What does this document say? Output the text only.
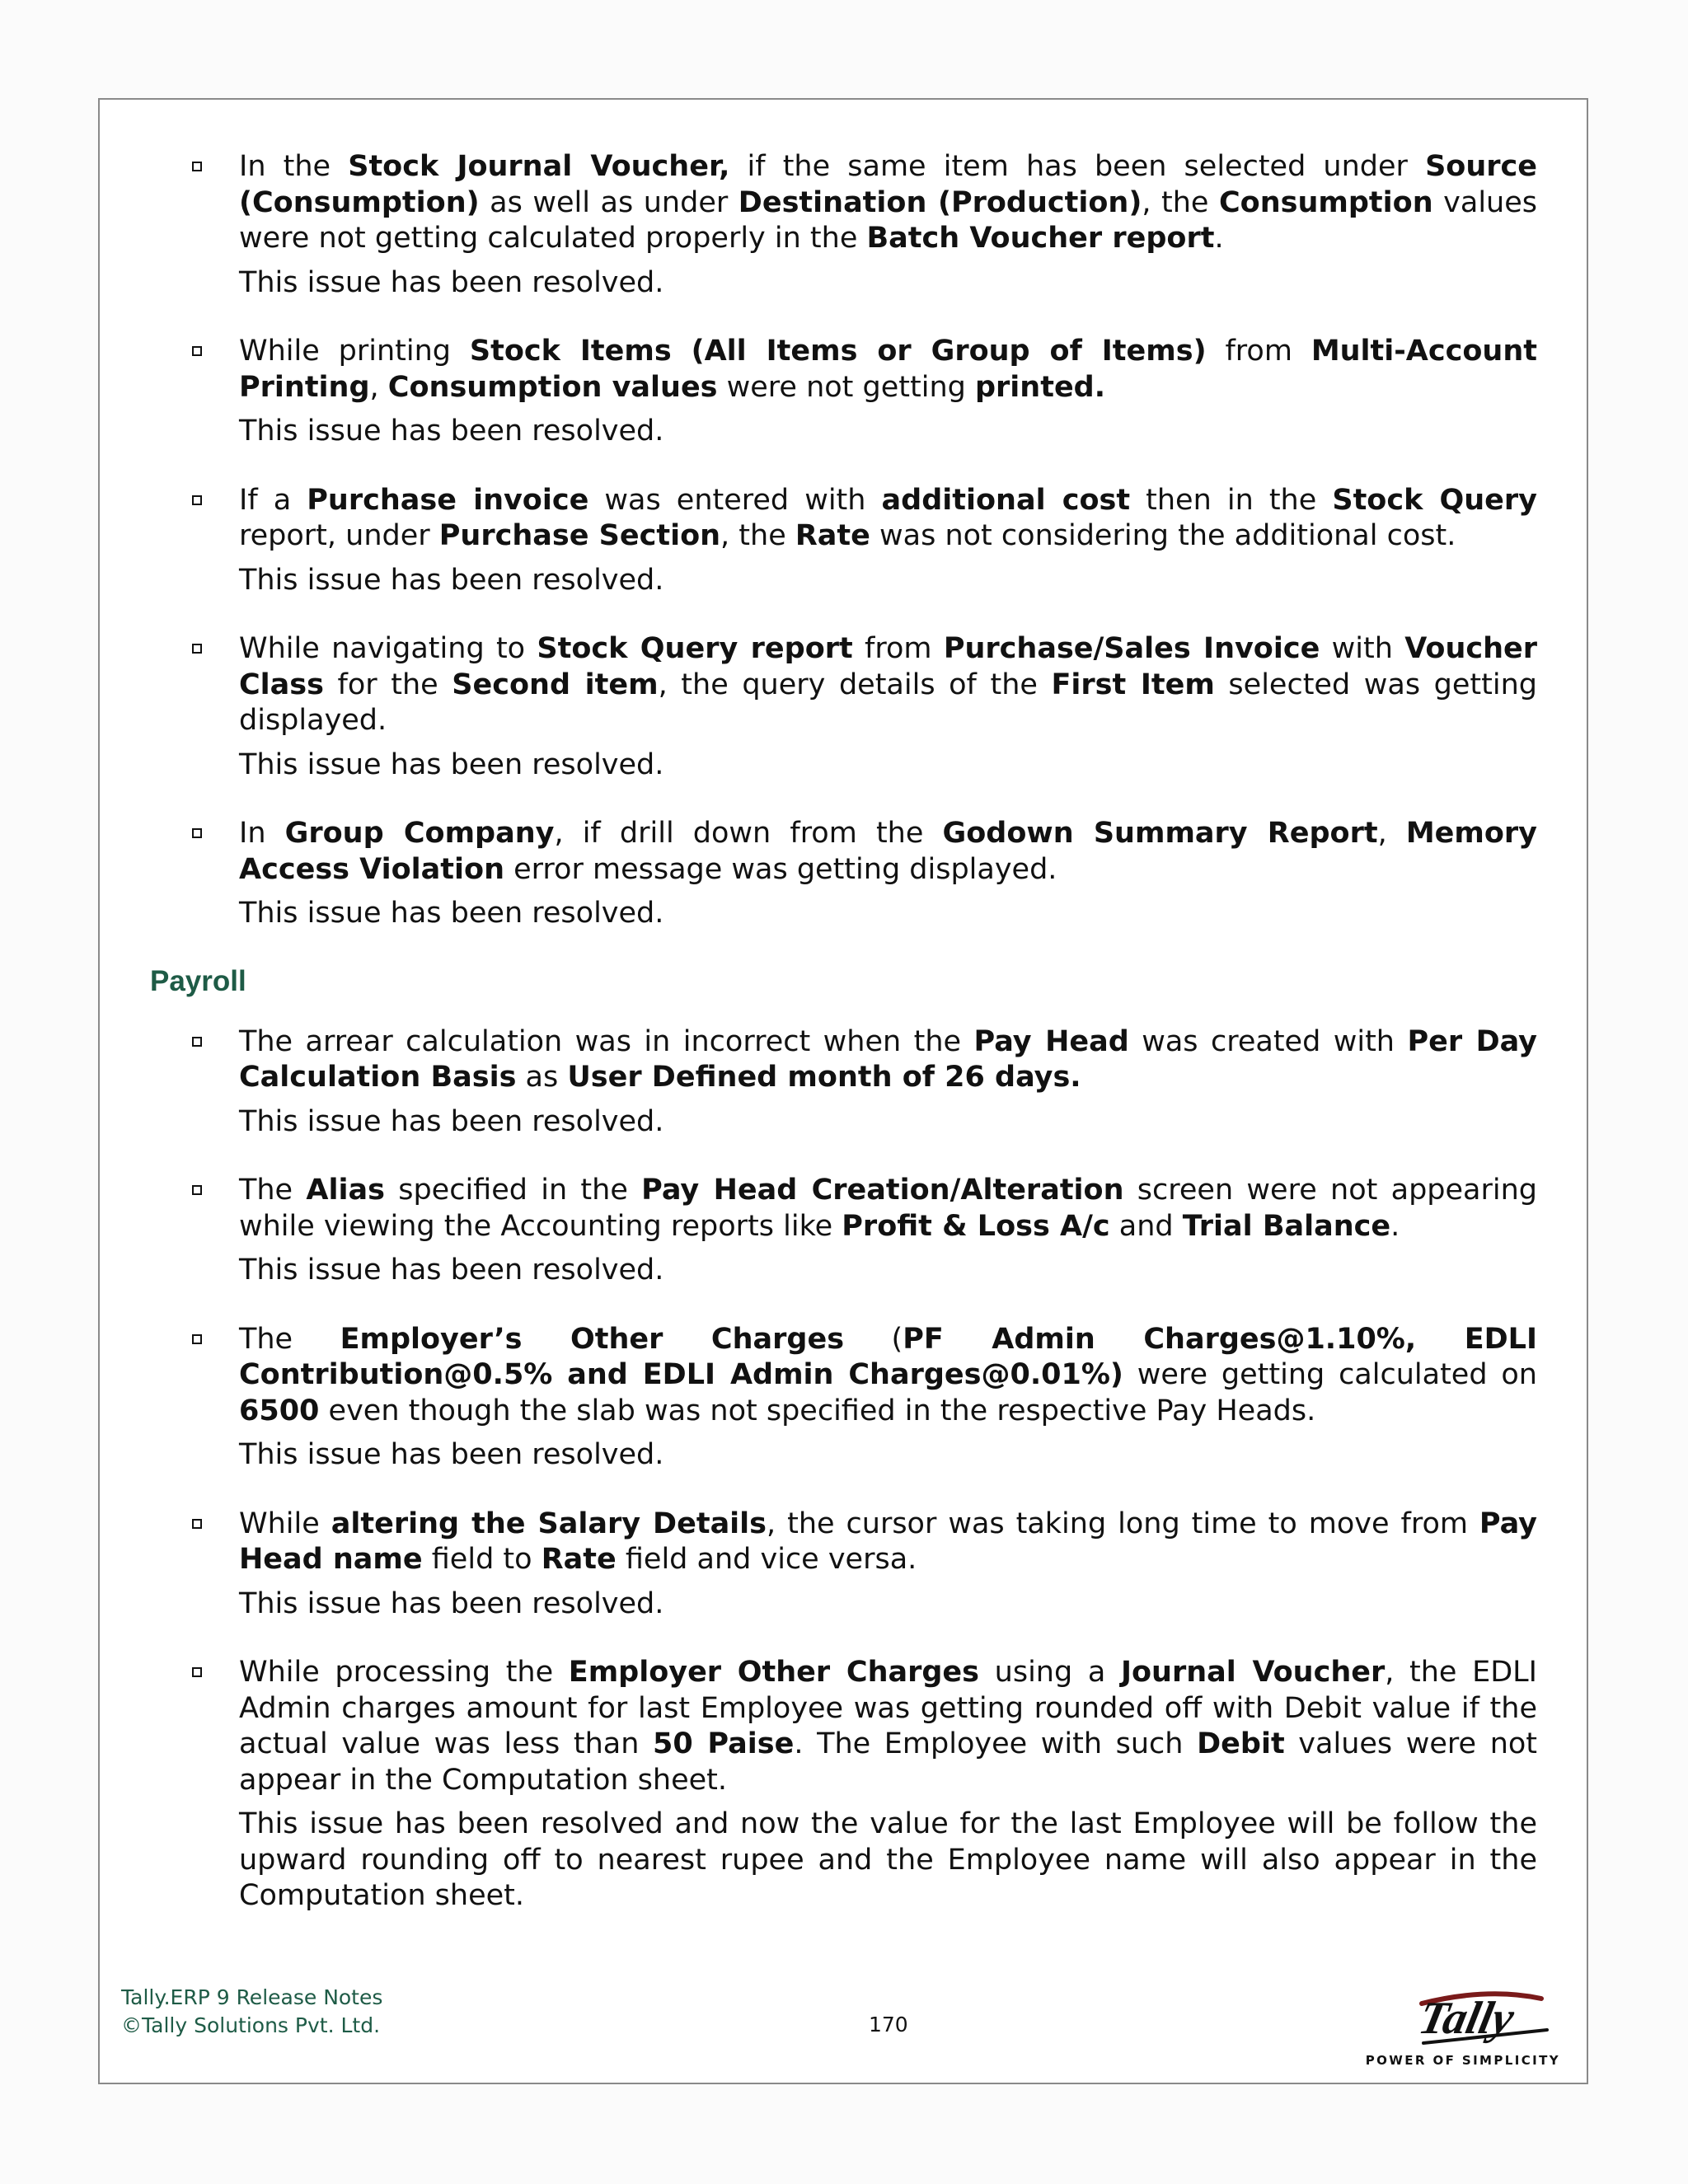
In the Stock Journal Voucher, if the same item has been selected under Source (Consumption) as well as under Destination (Production), the Consumption values were not getting calculated properly in the Batch Voucher report.

This issue has been resolved.

While printing Stock Items (All Items or Group of Items) from Multi-Account Printing, Consumption values were not getting printed.

This issue has been resolved.

If a Purchase invoice was entered with additional cost then in the Stock Query report, under Purchase Section, the Rate was not considering the additional cost.

This issue has been resolved.

While navigating to Stock Query report from Purchase/Sales Invoice with Voucher Class for the Second item, the query details of the First Item selected was getting displayed.

This issue has been resolved.

In Group Company, if drill down from the Godown Summary Report, Memory Access Violation error message was getting displayed.

This issue has been resolved.

Payroll

The arrear calculation was in incorrect when the Pay Head was created with Per Day Calculation Basis as User Defined month of 26 days.

This issue has been resolved.

The Alias specified in the Pay Head Creation/Alteration screen were not appearing while viewing the Accounting reports like Profit & Loss A/c and Trial Balance.

This issue has been resolved.

The Employer’s Other Charges (PF Admin Charges@1.10%, EDLI Contribution@0.5% and EDLI Admin Charges@0.01%) were getting calculated on 6500 even though the slab was not specified in the respective Pay Heads.

This issue has been resolved.

While altering the Salary Details, the cursor was taking long time to move from Pay Head name field to Rate field and vice versa.

This issue has been resolved.

While processing the Employer Other Charges using a Journal Voucher, the EDLI Admin charges amount for last Employee was getting rounded off with Debit value if the actual value was less than 50 Paise. The Employee with such Debit values were not appear in the Computation sheet.

This issue has been resolved and now the value for the last Employee will be follow the upward rounding off to nearest rupee and the Employee name will also appear in the Computation sheet.

Tally.ERP 9 Release Notes
©Tally Solutions Pvt. Ltd.	170	Tally
POWER OF SIMPLICITY
